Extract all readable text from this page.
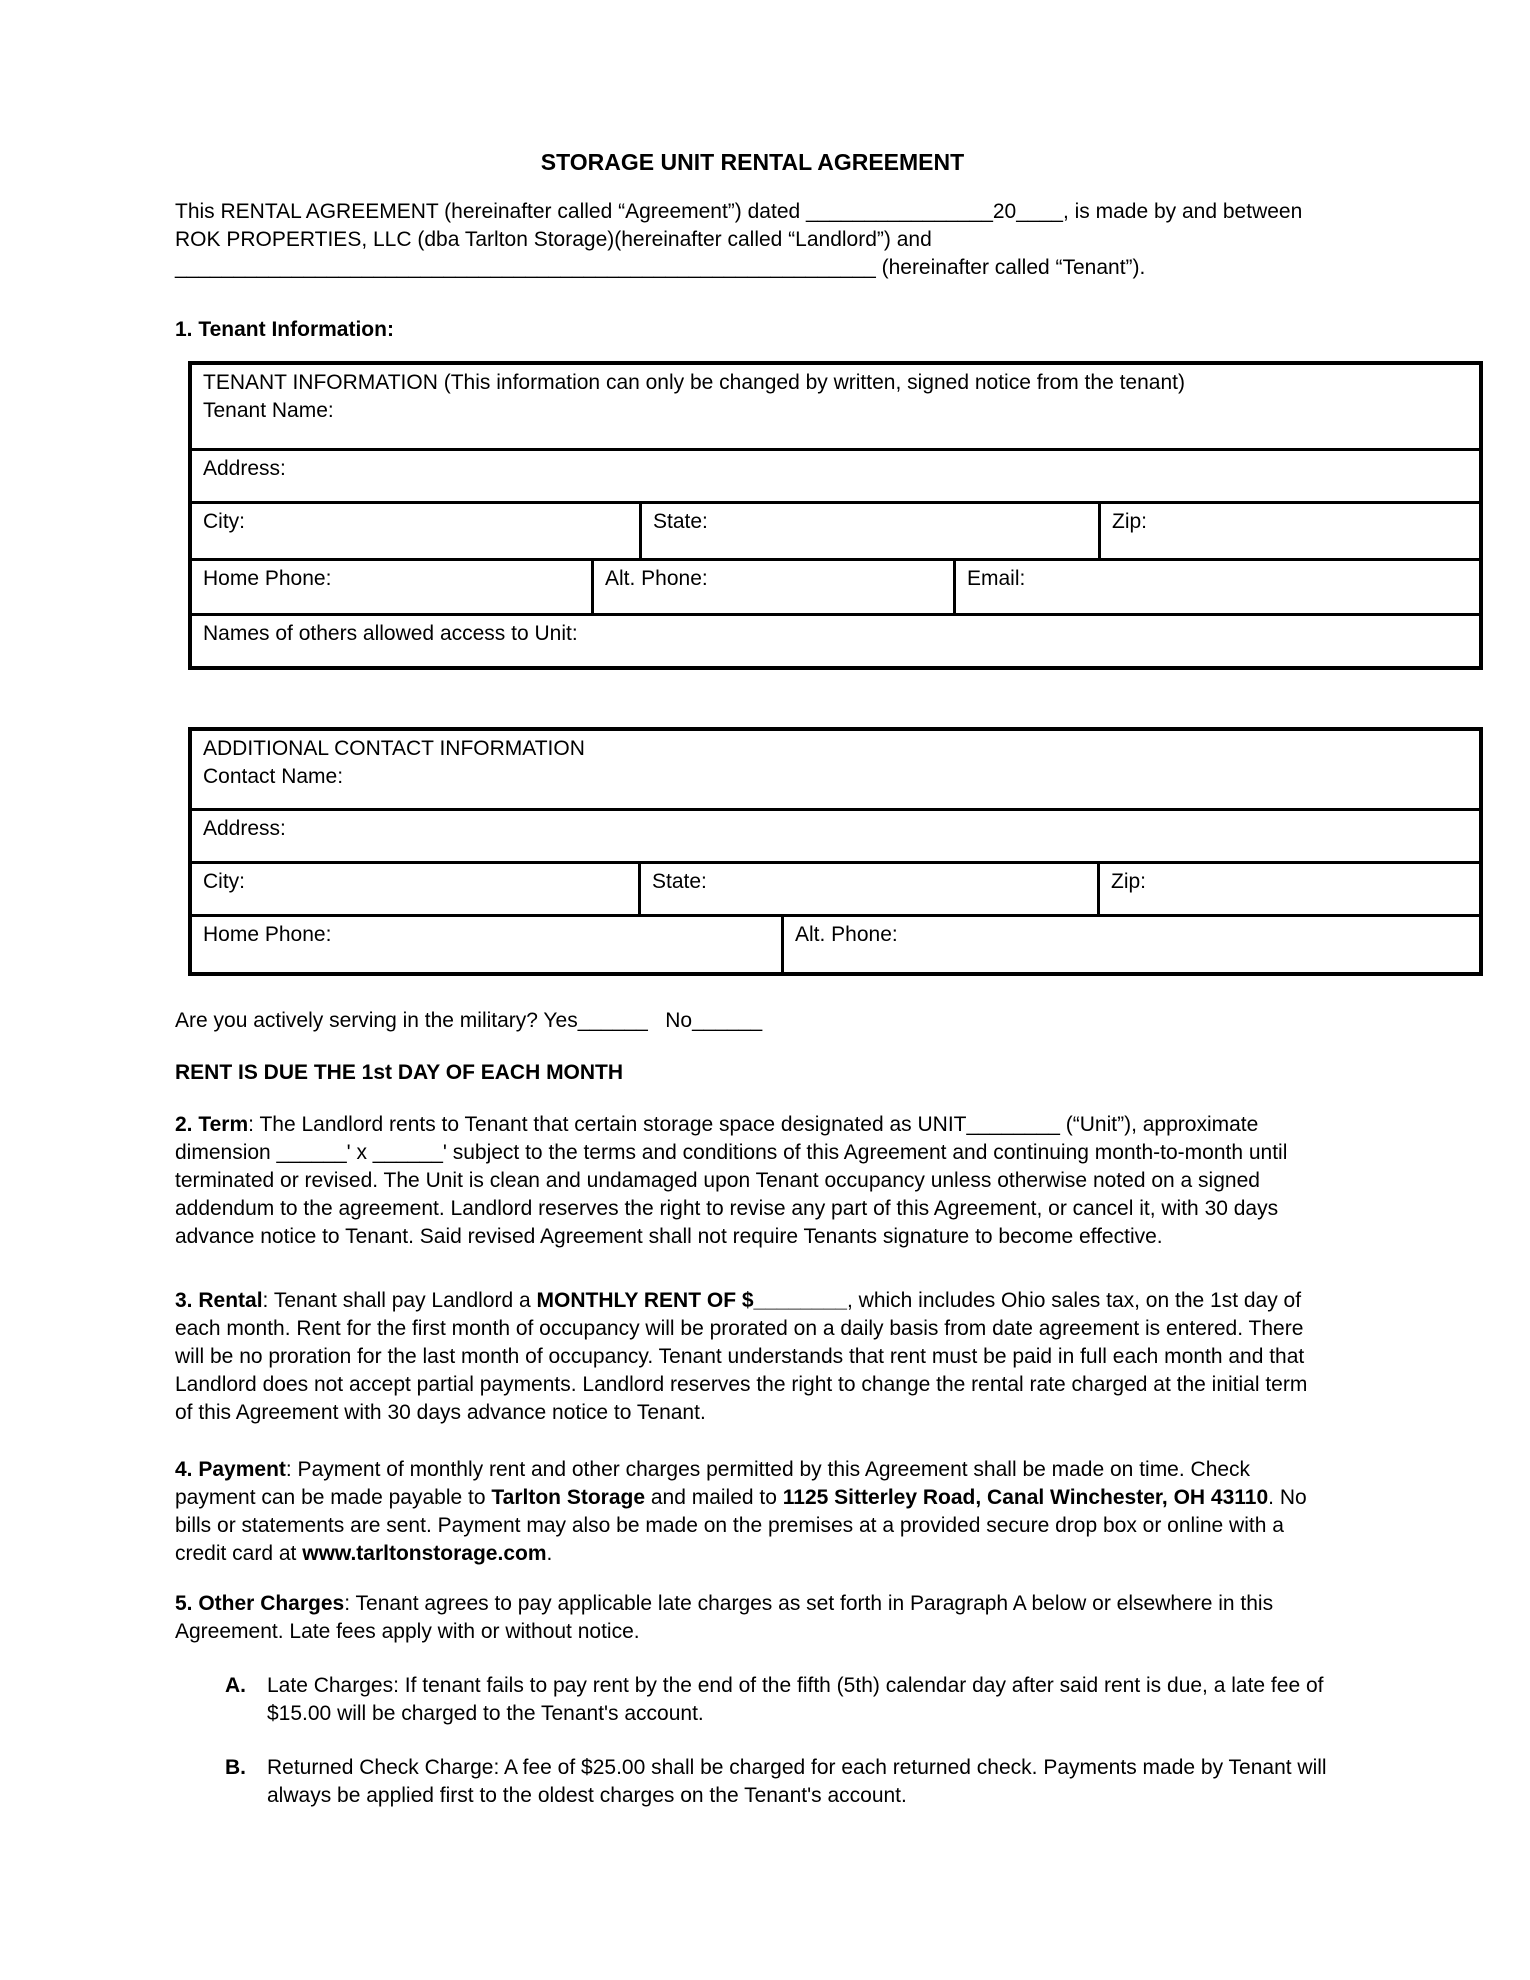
STORAGE UNIT RENTAL AGREEMENT
This RENTAL AGREEMENT (hereinafter called “Agreement”) dated ________________20____, is made by and between
ROK PROPERTIES, LLC (dba Tarlton Storage)(hereinafter called “Landlord”) and
____________________________________________________________ (hereinafter called “Tenant”).
1. Tenant Information:
TENANT INFORMATION (This information can only be changed by written, signed notice from the tenant)
Tenant Name:
Address:
City:	State:	Zip:
Home Phone:	Alt. Phone:	Email:
Names of others allowed access to Unit:
ADDITIONAL CONTACT INFORMATION
Contact Name:
Address:
City:	State:	Zip:
Home Phone:	Alt. Phone:
Are you actively serving in the military? Yes______   No______
RENT IS DUE THE 1st DAY OF EACH MONTH
2. Term: The Landlord rents to Tenant that certain storage space designated as UNIT________ (“Unit”), approximate dimension ______' x ______' subject to the terms and conditions of this Agreement and continuing month-to-month until terminated or revised. The Unit is clean and undamaged upon Tenant occupancy unless otherwise noted on a signed addendum to the agreement. Landlord reserves the right to revise any part of this Agreement, or cancel it, with 30 days advance notice to Tenant. Said revised Agreement shall not require Tenants signature to become effective.
3. Rental: Tenant shall pay Landlord a MONTHLY RENT OF $________, which includes Ohio sales tax, on the 1st day of each month. Rent for the first month of occupancy will be prorated on a daily basis from date agreement is entered. There will be no proration for the last month of occupancy. Tenant understands that rent must be paid in full each month and that Landlord does not accept partial payments. Landlord reserves the right to change the rental rate charged at the initial term of this Agreement with 30 days advance notice to Tenant.
4. Payment: Payment of monthly rent and other charges permitted by this Agreement shall be made on time. Check payment can be made payable to Tarlton Storage and mailed to 1125 Sitterley Road, Canal Winchester, OH 43110. No bills or statements are sent. Payment may also be made on the premises at a provided secure drop box or online with a credit card at www.tarltonstorage.com.
5. Other Charges: Tenant agrees to pay applicable late charges as set forth in Paragraph A below or elsewhere in this Agreement. Late fees apply with or without notice.
A.	Late Charges: If tenant fails to pay rent by the end of the fifth (5th) calendar day after said rent is due, a late fee of $15.00 will be charged to the Tenant's account.
B.	Returned Check Charge: A fee of $25.00 shall be charged for each returned check. Payments made by Tenant will always be applied first to the oldest charges on the Tenant's account.
